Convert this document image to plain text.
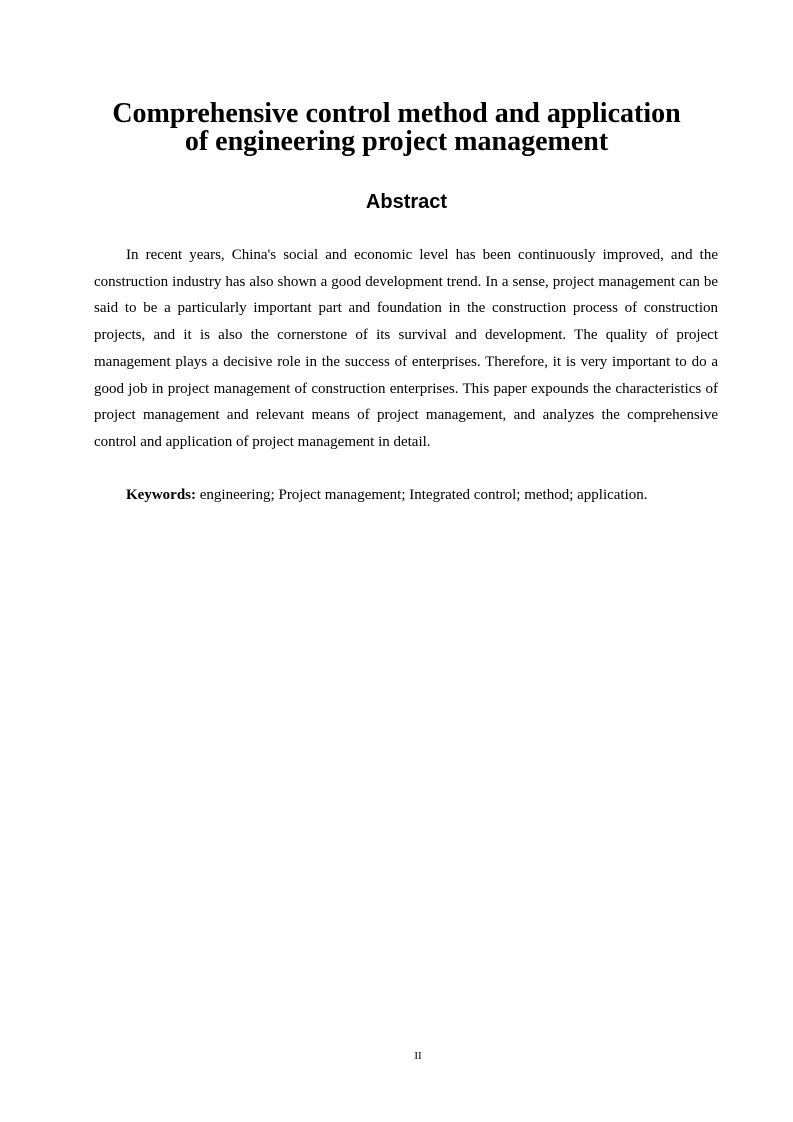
Comprehensive control method and application
of engineering project management
Abstract

In recent years, China's social and economic level has been continuously improved, and the construction industry has also shown a good development trend. In a sense, project management can be said to be a particularly important part and foundation in the construction process of construction projects, and it is also the cornerstone of its survival and development. The quality of project management plays a decisive role in the success of enterprises. Therefore, it is very important to do a good job in project management of construction enterprises. This paper expounds the characteristics of project management and relevant means of project management, and analyzes the comprehensive control and application of project management in detail.

Keywords: engineering; Project management; Integrated control; method; application.

II
